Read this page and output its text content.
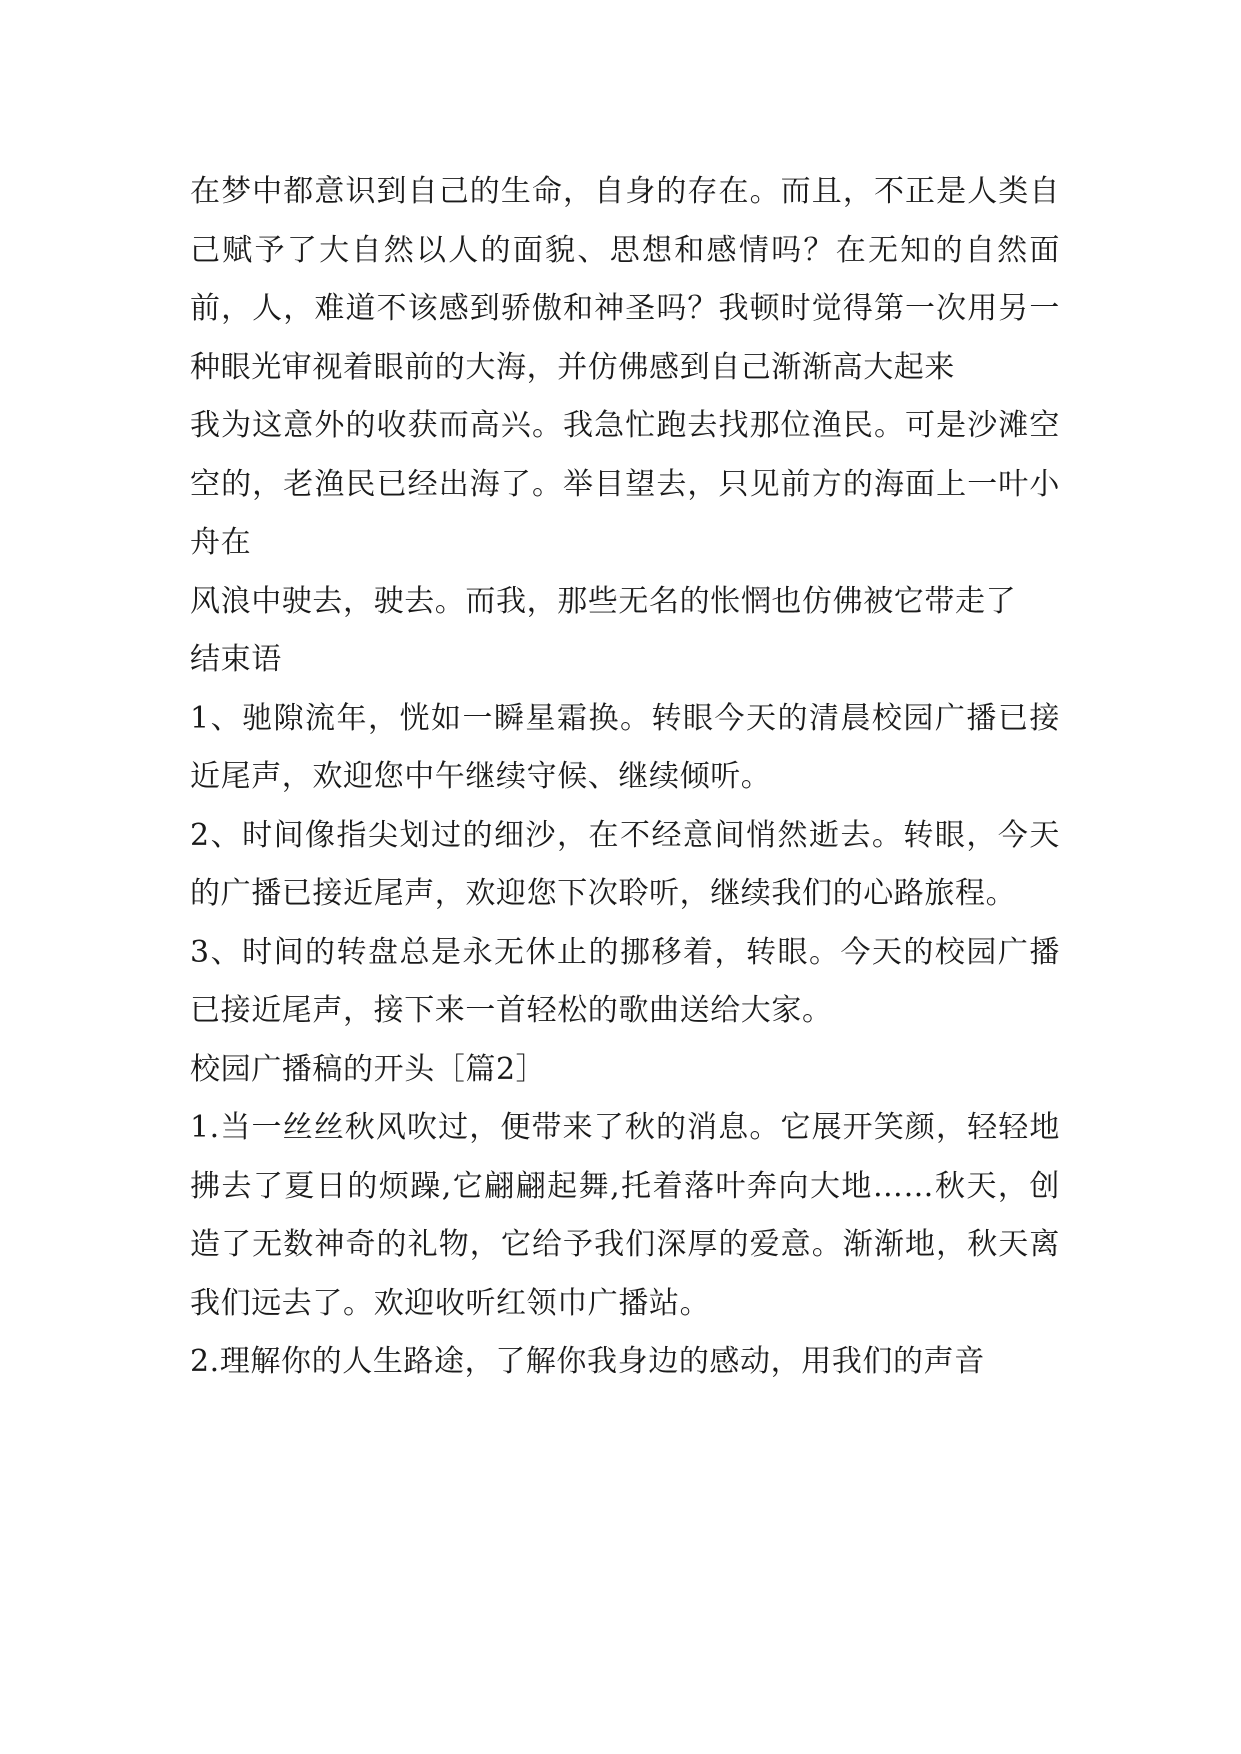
在梦中都意识到自己的生命，自身的存在。而且，不正是人类自己赋予了大自然以人的面貌、思想和感情吗？在无知的自然面前，人，难道不该感到骄傲和神圣吗？我顿时觉得第一次用另一种眼光审视着眼前的大海，并仿佛感到自己渐渐高大起来

我为这意外的收获而高兴。我急忙跑去找那位渔民。可是沙滩空空的，老渔民已经出海了。举目望去，只见前方的海面上一叶小舟在

风浪中驶去，驶去。而我，那些无名的怅惘也仿佛被它带走了

结束语

1、驰隙流年，恍如一瞬星霜换。转眼今天的清晨校园广播已接近尾声，欢迎您中午继续守候、继续倾听。

2、时间像指尖划过的细沙，在不经意间悄然逝去。转眼，今天的广播已接近尾声，欢迎您下次聆听，继续我们的心路旅程。

3、时间的转盘总是永无休止的挪移着，转眼。今天的校园广播已接近尾声，接下来一首轻松的歌曲送给大家。

校园广播稿的开头［篇2］

1.当一丝丝秋风吹过，便带来了秋的消息。它展开笑颜，轻轻地拂去了夏日的烦躁,它翩翩起舞,托着落叶奔向大地……秋天，创造了无数神奇的礼物，它给予我们深厚的爱意。渐渐地，秋天离我们远去了。欢迎收听红领巾广播站。

2.理解你的人生路途，了解你我身边的感动，用我们的声音
